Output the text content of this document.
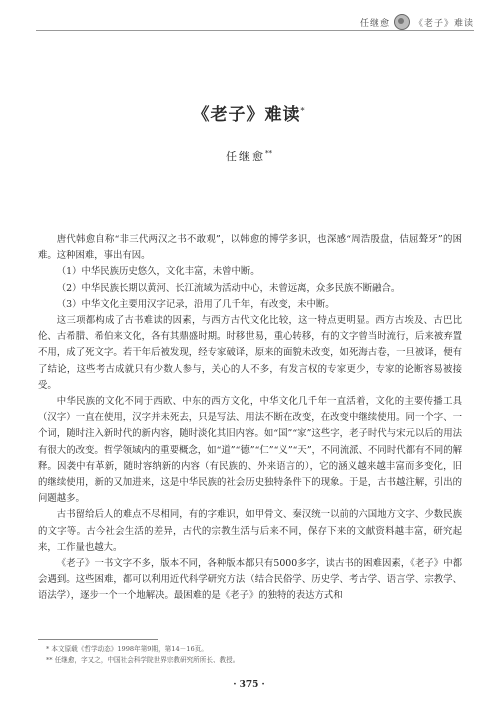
任继愈	《老子》难读
《老子》难读*
任继愈**

唐代韩愈自称“非三代两汉之书不敢观”，以韩愈的博学多识，也深感“周浩殷盘，佶屈聱牙”的困难。这种困难，事出有因。

（1）中华民族历史悠久，文化丰富，未曾中断。

（2）中华民族长期以黄河、长江流域为活动中心，未曾远离，众多民族不断融合。

（3）中华文化主要用汉字记录，沿用了几千年，有改变，未中断。

这三项都构成了古书难读的因素，与西方古代文化比较，这一特点更明显。西方古埃及、古巴比伦、古希腊、希伯来文化，各有其鼎盛时期。时移世易，重心转移，有的文字曾当时流行，后来被弃置不用，成了死文字。若干年后被发现，经专家破译，原来的面貌未改变，如死海古卷，一旦被译，便有了结论，这些考古成就只有少数人参与，关心的人不多，有发言权的专家更少，专家的论断容易被接受。

中华民族的文化不同于西欧、中东的西方文化，中华文化几千年一直活着，文化的主要传播工具（汉字）一直在使用，汉字并未死去，只是写法、用法不断在改变，在改变中继续使用。同一个字、一个词，随时注入新时代的新内容，随时淡化其旧内容。如“国”“家”这些字，老子时代与宋元以后的用法有很大的改变。哲学领域内的重要概念，如“道”“德”“仁”“义”“天”，不同流派、不同时代都有不同的解释。因袭中有革新，随时容纳新的内容（有民族的、外来语言的），它的涵义越来越丰富而多变化，旧的继续使用，新的又加进来，这是中华民族的社会历史独特条件下的现象。于是，古书越注解，引出的问题越多。

古书留给后人的难点不尽相同，有的字难识，如甲骨文、秦汉统一以前的六国地方文字、少数民族的文字等。古今社会生活的差异，古代的宗教生活与后来不同，保存下来的文献资料越丰富，研究起来，工作量也越大。

《老子》一书文字不多，版本不同，各种版本都只有5000多字，读古书的困难因素，《老子》中都会遇到。这些困难，都可以利用近代科学研究方法（结合民俗学、历史学、考古学、语言学、宗教学、语法学），逐步一个一个地解决。最困难的是《老子》的独特的表达方式和

* 本文原载《哲学动态》1998年第9期，第14－16页。
** 任继愈，字又之，中国社会科学院世界宗教研究所所长、教授。
· 375 ·
